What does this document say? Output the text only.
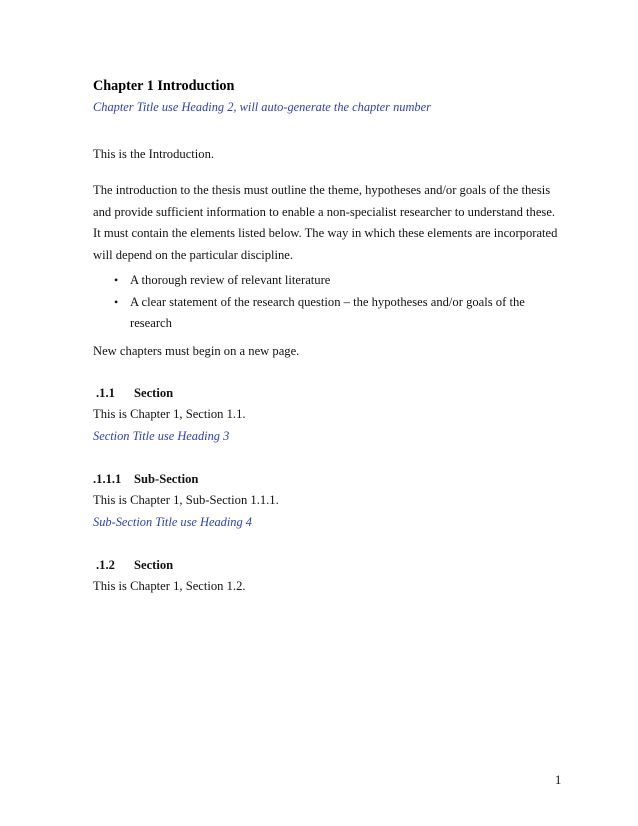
Chapter 1 Introduction
Chapter Title use Heading 2, will auto-generate the chapter number
This is the Introduction.
The introduction to the thesis must outline the theme, hypotheses and/or goals of the thesis
and provide sufficient information to enable a non-specialist researcher to understand these.
It must contain the elements listed below. The way in which these elements are incorporated
will depend on the particular discipline.
• A thorough review of relevant literature
• A clear statement of the research question – the hypotheses and/or goals of the
research
New chapters must begin on a new page.
.1.1 Section
This is Chapter 1, Section 1.1.
Section Title use Heading 3
.1.1.1 Sub-Section
This is Chapter 1, Sub-Section 1.1.1.
Sub-Section Title use Heading 4
.1.2 Section
This is Chapter 1, Section 1.2.
1
